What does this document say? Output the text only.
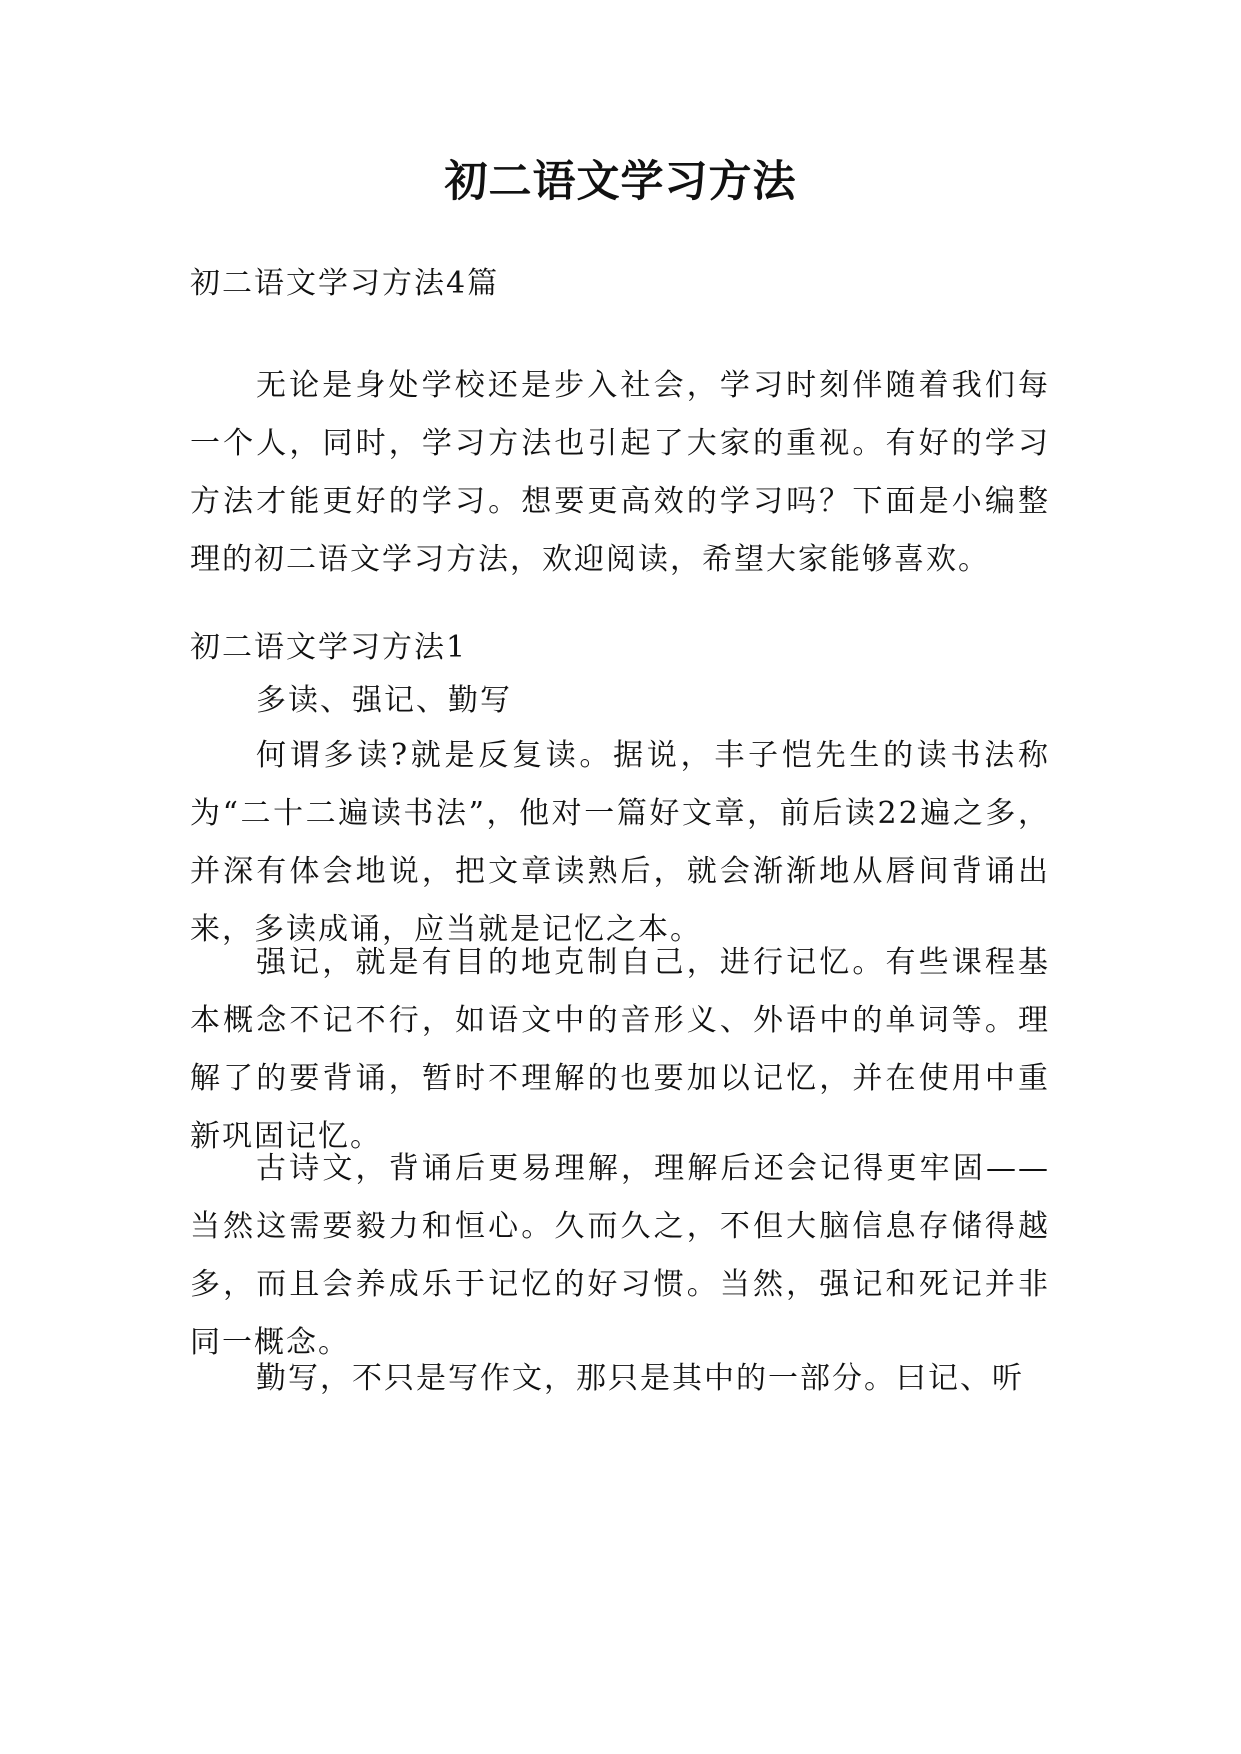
初二语文学习方法

初二语文学习方法4篇

无论是身处学校还是步入社会，学习时刻伴随着我们每一个人，同时，学习方法也引起了大家的重视。有好的学习方法才能更好的学习。想要更高效的学习吗？下面是小编整理的初二语文学习方法，欢迎阅读，希望大家能够喜欢。

初二语文学习方法1

多读、强记、勤写

何谓多读?就是反复读。据说，丰子恺先生的读书法称为“二十二遍读书法”，他对一篇好文章，前后读22遍之多，并深有体会地说，把文章读熟后，就会渐渐地从唇间背诵出来，多读成诵，应当就是记忆之本。

强记，就是有目的地克制自己，进行记忆。有些课程基本概念不记不行，如语文中的音形义、外语中的单词等。理解了的要背诵，暂时不理解的也要加以记忆，并在使用中重新巩固记忆。

古诗文，背诵后更易理解，理解后还会记得更牢固——当然这需要毅力和恒心。久而久之，不但大脑信息存储得越多，而且会养成乐于记忆的好习惯。当然，强记和死记并非同一概念。

勤写，不只是写作文，那只是其中的一部分。曰记、听
